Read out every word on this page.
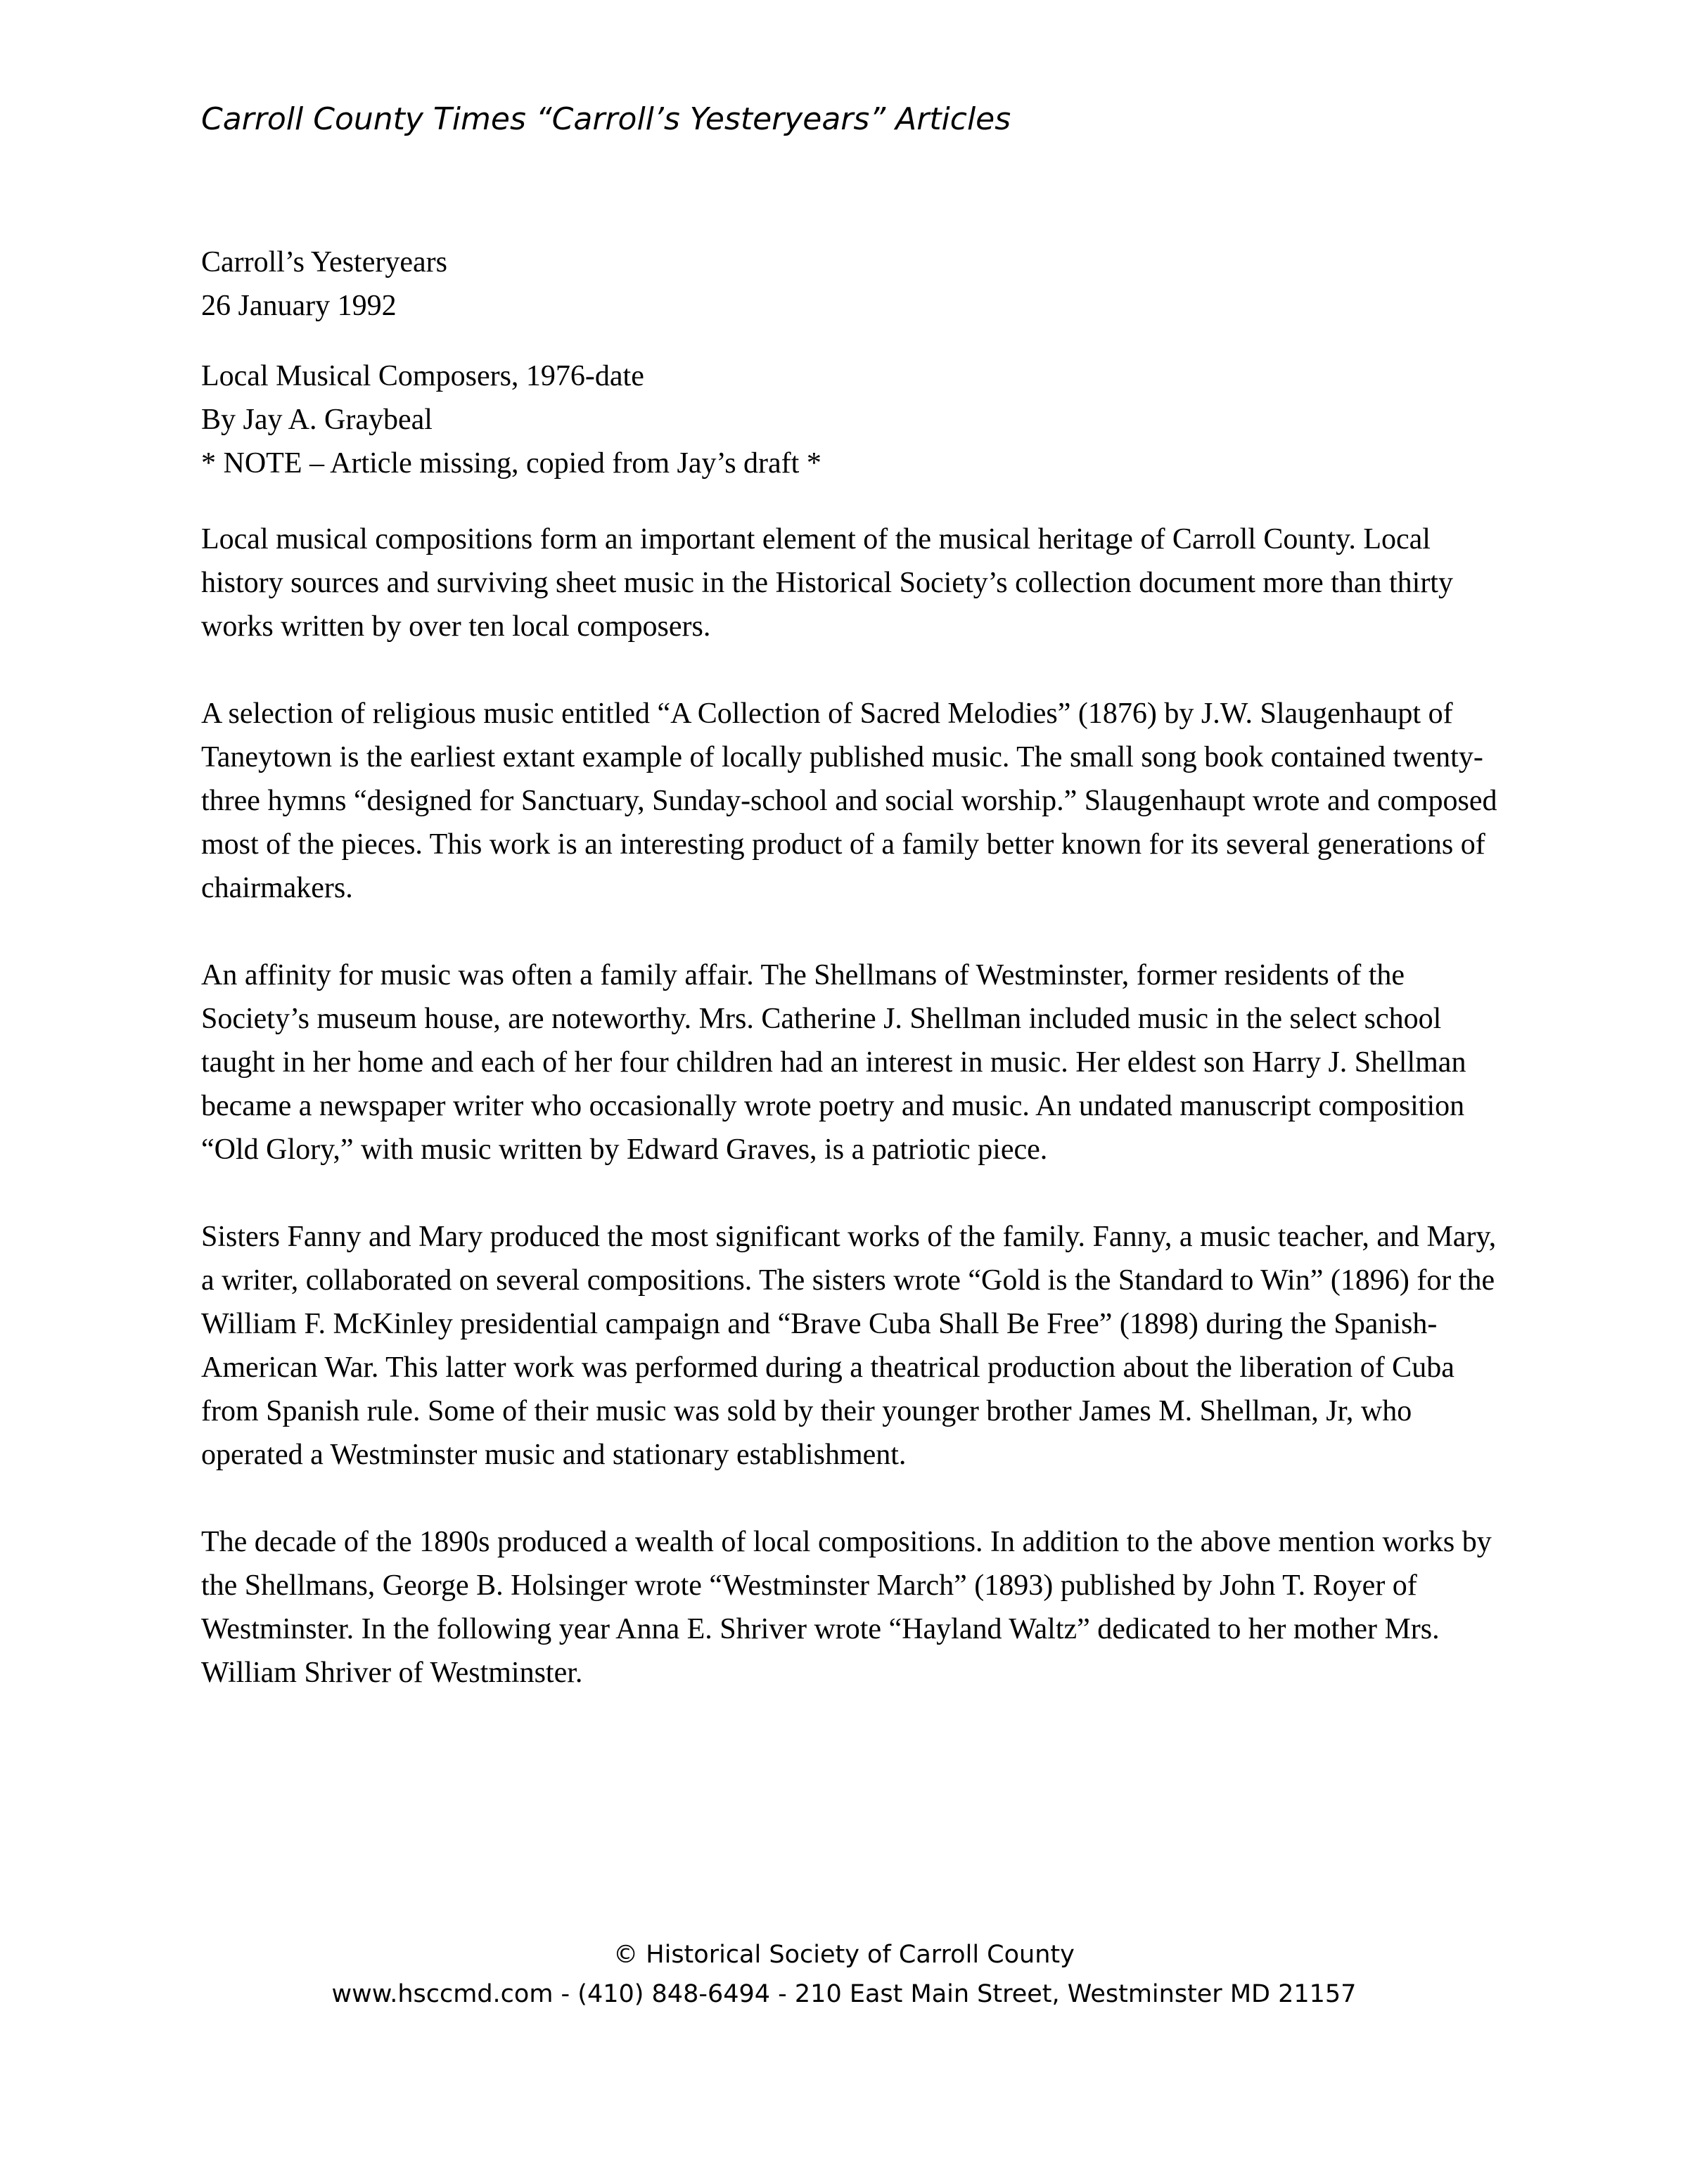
Carroll County Times “Carroll’s Yesteryears” Articles
Carroll’s Yesteryears
26 January 1992
Local Musical Composers, 1976-date
By Jay A. Graybeal
* NOTE – Article missing, copied from Jay’s draft *

Local musical compositions form an important element of the musical heritage of Carroll County. Local history sources and surviving sheet music in the Historical Society’s collection document more than thirty works written by over ten local composers.

A selection of religious music entitled “A Collection of Sacred Melodies” (1876) by J.W. Slaugenhaupt of Taneytown is the earliest extant example of locally published music. The small song book contained twenty-three hymns “designed for Sanctuary, Sunday-school and social worship.” Slaugenhaupt wrote and composed most of the pieces. This work is an interesting product of a family better known for its several generations of chairmakers.

An affinity for music was often a family affair. The Shellmans of Westminster, former residents of the Society’s museum house, are noteworthy. Mrs. Catherine J. Shellman included music in the select school taught in her home and each of her four children had an interest in music. Her eldest son Harry J. Shellman became a newspaper writer who occasionally wrote poetry and music. An undated manuscript composition “Old Glory,” with music written by Edward Graves, is a patriotic piece.

Sisters Fanny and Mary produced the most significant works of the family. Fanny, a music teacher, and Mary, a writer, collaborated on several compositions. The sisters wrote “Gold is the Standard to Win” (1896) for the William F. McKinley presidential campaign and “Brave Cuba Shall Be Free” (1898) during the Spanish-American War. This latter work was performed during a theatrical production about the liberation of Cuba from Spanish rule. Some of their music was sold by their younger brother James M. Shellman, Jr, who operated a Westminster music and stationary establishment.

The decade of the 1890s produced a wealth of local compositions. In addition to the above mention works by the Shellmans, George B. Holsinger wrote “Westminster March” (1893) published by John T. Royer of Westminster. In the following year Anna E. Shriver wrote “Hayland Waltz” dedicated to her mother Mrs. William Shriver of Westminster.

© Historical Society of Carroll County
www.hsccmd.com - (410) 848-6494 - 210 East Main Street, Westminster MD 21157
